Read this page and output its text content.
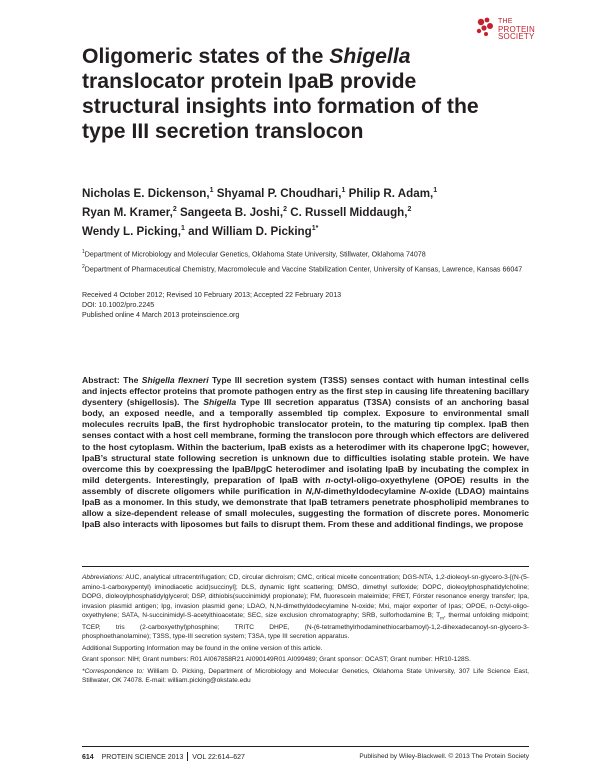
THE
PROTEIN
SOCIETY
Oligomeric states of the Shigella translocator protein IpaB provide structural insights into formation of the type III secretion translocon
Nicholas E. Dickenson,$^1$ Shyamal P. Choudhari,$^1$ Philip R. Adam,$^1$
Ryan M. Kramer,$^2$ Sangeeta B. Joshi,$^2$ C. Russell Middaugh,$^2$
Wendy L. Picking,$^1$ and William D. Picking$^{1*}$

$^1$Department of Microbiology and Molecular Genetics, Oklahoma State University, Stillwater, Oklahoma 74078

$^2$Department of Pharmaceutical Chemistry, Macromolecule and Vaccine Stabilization Center, University of Kansas, Lawrence, Kansas 66047

Received 4 October 2012; Revised 10 February 2013; Accepted 22 February 2013

DOI: 10.1002/pro.2245

Published online 4 March 2013 proteinscience.org

Abstract: The Shigella flexneri Type III secretion system (T3SS) senses contact with human intestinal cells and injects effector proteins that promote pathogen entry as the first step in causing life threatening bacillary dysentery (shigellosis). The Shigella Type III secretion apparatus (T3SA) consists of an anchoring basal body, an exposed needle, and a temporally assembled tip complex. Exposure to environmental small molecules recruits IpaB, the first hydrophobic translocator protein, to the maturing tip complex. IpaB then senses contact with a host cell membrane, forming the translocon pore through which effectors are delivered to the host cytoplasm. Within the bacterium, IpaB exists as a heterodimer with its chaperone IpgC; however, IpaB’s structural state following secretion is unknown due to difficulties isolating stable protein. We have overcome this by coexpressing the IpaB/IpgC heterodimer and isolating IpaB by incubating the complex in mild detergents. Interestingly, preparation of IpaB with n-octyl-oligo-oxyethylene (OPOE) results in the assembly of discrete oligomers while purification in N,N-dimethyldodecylamine N-oxide (LDAO) maintains IpaB as a monomer. In this study, we demonstrate that IpaB tetramers penetrate phospholipid membranes to allow a size-dependent release of small molecules, suggesting the formation of discrete pores. Monomeric IpaB also interacts with liposomes but fails to disrupt them. From these and additional findings, we propose

Abbreviations: AUC, analytical ultracentrifugation; CD, circular dichroism; CMC, critical micelle concentration; DGS-NTA, 1,2-dioleoyl-sn-glycero-3-[(N-(5-amino-1-carboxypentyl) iminodiacetic acid)succinyl]; DLS, dynamic light scattering; DMSO, dimethyl sulfoxide; DOPC, dioleoylphosphatidylcholine; DOPG, dioleoylphosphatidylglycerol; DSP, dithiobis(succinimidyl propionate); FM, fluorescein maleimide; FRET, Förster resonance energy transfer; Ipa, invasion plasmid antigen; Ipg, invasion plasmid gene; LDAO, N,N-dimethyldodecylamine N-oxide; Mxi, major exporter of Ipas; OPOE, n-Octyl-oligo-oxyethylene; SATA, N-succinimidyl-S-acetylthioacetate; SEC, size exclusion chromatography; SRB, sulforhodamine B; $T_m$, thermal unfolding midpoint; TCEP, tris (2-carboxyethyl)phosphine; TRITC DHPE, (N-(6-tetramethylrhodaminethiocarbamoyl)-1,2-dihexadecanoyl-sn-glycero-3-phosphoethanolamine); T3SS, type-III secretion system; T3SA, type III secretion apparatus.

Additional Supporting Information may be found in the online version of this article.

Grant sponsor: NIH; Grant numbers: R01 AI067858R21 AI090149R01 AI099489; Grant sponsor: OCAST; Grant number: HR10-128S.

*Correspondence to: William D. Picking, Department of Microbiology and Molecular Genetics, Oklahoma State University, 307 Life Science East, Stillwater, OK 74078. E-mail: william.picking@okstate.edu

614 PROTEIN SCIENCE 2013 VOL 22:614–627	Published by Wiley-Blackwell. © 2013 The Protein Society
